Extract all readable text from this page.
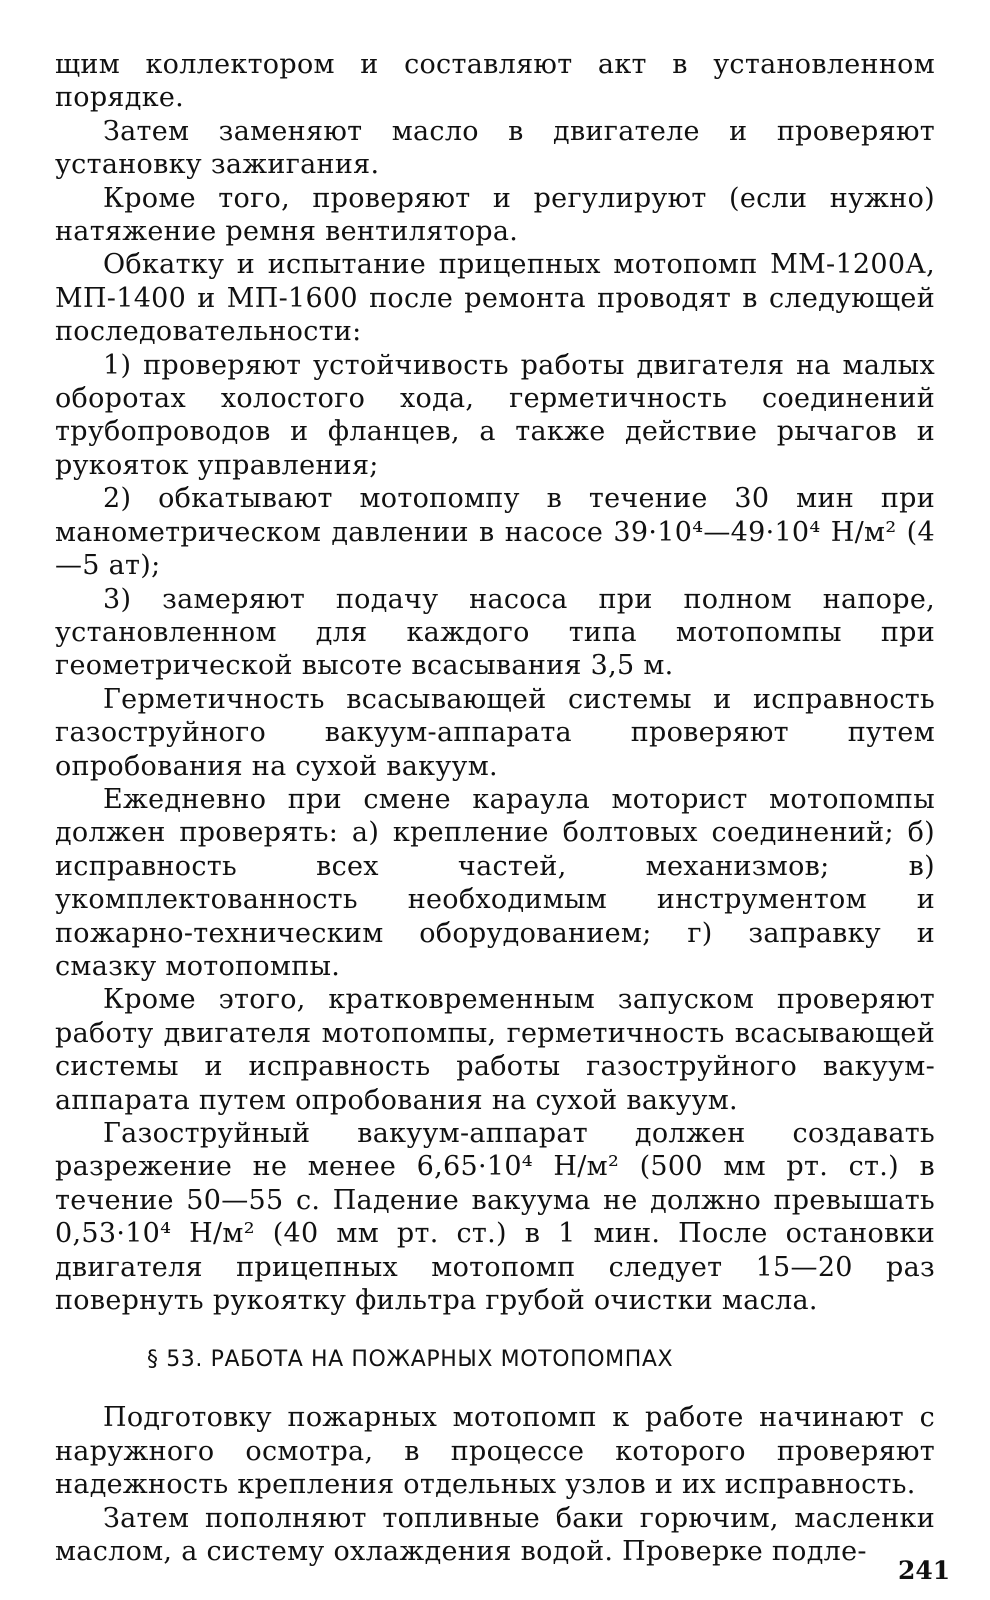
щим коллектором и составляют акт в установленном порядке.

Затем заменяют масло в двигателе и проверяют установку зажигания.

Кроме того, проверяют и регулируют (если нужно) натяжение ремня вентилятора.

Обкатку и испытание прицепных мотопомп ММ-1200А, МП-1400 и МП-1600 после ремонта проводят в следующей последовательности:

1) проверяют устойчивость работы двигателя на малых оборотах холостого хода, герметичность соединений трубопроводов и фланцев, а также действие рычагов и рукояток управления;

2) обкатывают мотопомпу в течение 30 мин при манометрическом давлении в насосе 39·10⁴—49·10⁴ Н/м² (4—5 ат);

3) замеряют подачу насоса при полном напоре, установленном для каждого типа мотопомпы при геометрической высоте всасывания 3,5 м.

Герметичность всасывающей системы и исправность газоструйного вакуум-аппарата проверяют путем опробования на сухой вакуум.

Ежедневно при смене караула моторист мотопомпы должен проверять: а) крепление болтовых соединений; б) исправность всех частей, механизмов; в) укомплектованность необходимым инструментом и пожарно-техническим оборудованием; г) заправку и смазку мотопомпы.

Кроме этого, кратковременным запуском проверяют работу двигателя мотопомпы, герметичность всасывающей системы и исправность работы газоструйного вакуум-аппарата путем опробования на сухой вакуум.

Газоструйный вакуум-аппарат должен создавать разрежение не менее 6,65·10⁴ Н/м² (500 мм рт. ст.) в течение 50—55 с. Падение вакуума не должно превышать 0,53·10⁴ Н/м² (40 мм рт. ст.) в 1 мин. После остановки двигателя прицепных мотопомп следует 15—20 раз повернуть рукоятку фильтра грубой очистки масла.

§ 53. РАБОТА НА ПОЖАРНЫХ МОТОПОМПАХ

Подготовку пожарных мотопомп к работе начинают с наружного осмотра, в процессе которого проверяют надежность крепления отдельных узлов и их исправность.

Затем пополняют топливные баки горючим, масленки маслом, а систему охлаждения водой. Проверке подле-

241
